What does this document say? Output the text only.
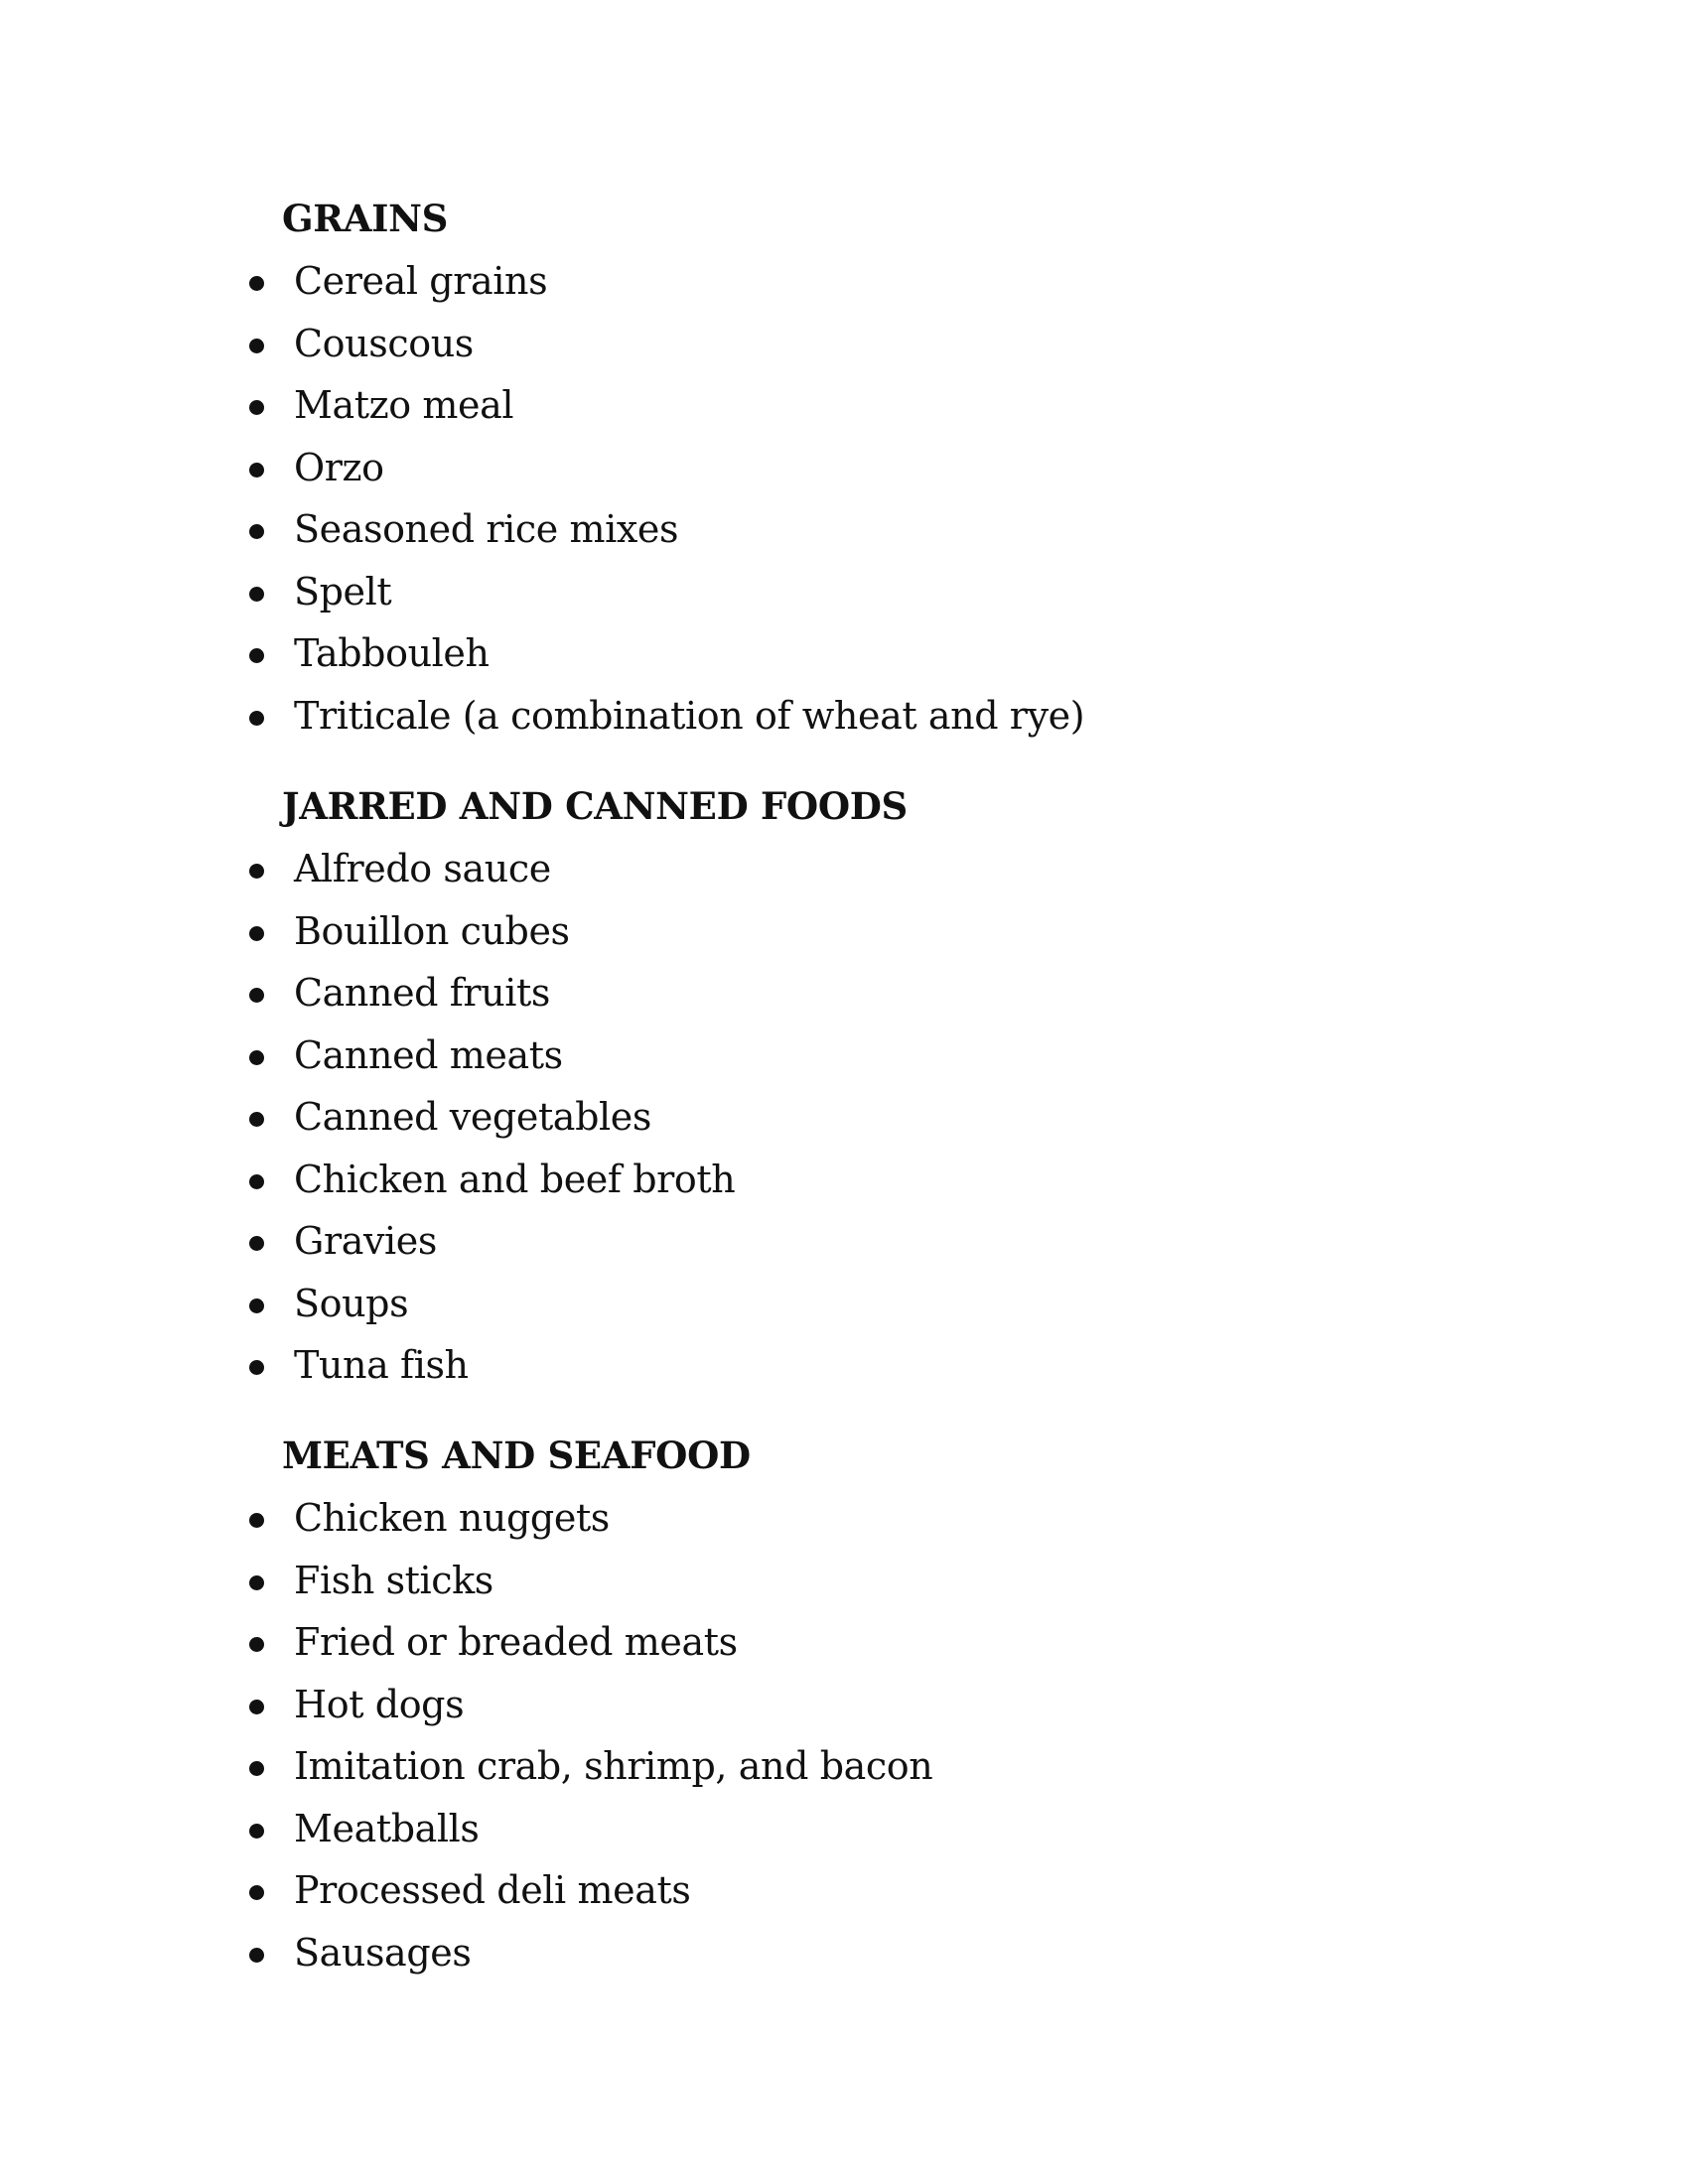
GRAINS
Cereal grains
Couscous
Matzo meal
Orzo
Seasoned rice mixes
Spelt
Tabbouleh
Triticale (a combination of wheat and rye)
JARRED AND CANNED FOODS
Alfredo sauce
Bouillon cubes
Canned fruits
Canned meats
Canned vegetables
Chicken and beef broth
Gravies
Soups
Tuna fish
MEATS AND SEAFOOD
Chicken nuggets
Fish sticks
Fried or breaded meats
Hot dogs
Imitation crab, shrimp, and bacon
Meatballs
Processed deli meats
Sausages
